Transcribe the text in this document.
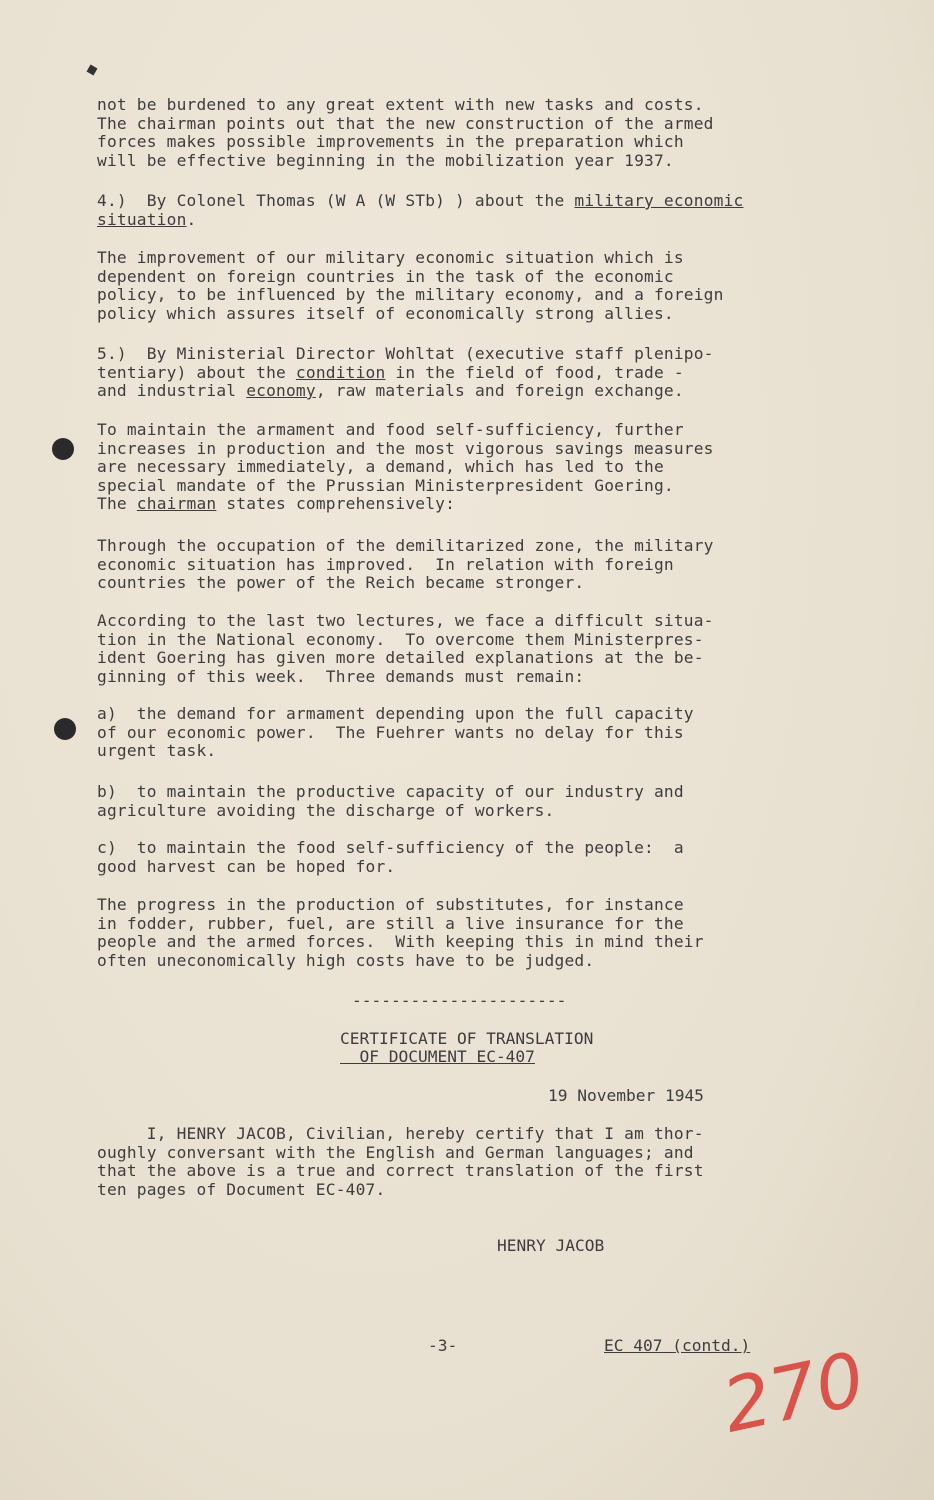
not be burdened to any great extent with new tasks and costs.
The chairman points out that the new construction of the armed
forces makes possible improvements in the preparation which
will be effective beginning in the mobilization year 1937.
4.)  By Colonel Thomas (W A (W STb) ) about the military economic
situation.
The improvement of our military economic situation which is
dependent on foreign countries in the task of the economic
policy, to be influenced by the military economy, and a foreign
policy which assures itself of economically strong allies.
5.)  By Ministerial Director Wohltat (executive staff plenipo-
tentiary) about the condition in the field of food, trade -
and industrial economy, raw materials and foreign exchange.
To maintain the armament and food self-sufficiency, further
increases in production and the most vigorous savings measures
are necessary immediately, a demand, which has led to the
special mandate of the Prussian Ministerpresident Goering.
The chairman states comprehensively:
Through the occupation of the demilitarized zone, the military
economic situation has improved.  In relation with foreign
countries the power of the Reich became stronger.
According to the last two lectures, we face a difficult situa-
tion in the National economy.  To overcome them Ministerpres-
ident Goering has given more detailed explanations at the be-
ginning of this week.  Three demands must remain:
a)  the demand for armament depending upon the full capacity
of our economic power.  The Fuehrer wants no delay for this
urgent task.
b)  to maintain the productive capacity of our industry and
agriculture avoiding the discharge of workers.
c)  to maintain the food self-sufficiency of the people:  a
good harvest can be hoped for.
The progress in the production of substitutes, for instance
in fodder, rubber, fuel, are still a live insurance for the
people and the armed forces.  With keeping this in mind their
often uneconomically high costs have to be judged.
----------------------
CERTIFICATE OF TRANSLATION
OF DOCUMENT EC-407
19 November 1945
I, HENRY JACOB, Civilian, hereby certify that I am thor-
oughly conversant with the English and German languages; and
that the above is a true and correct translation of the first
ten pages of Document EC-407.
HENRY JACOB
-3-	EC 407 (contd.)
270
